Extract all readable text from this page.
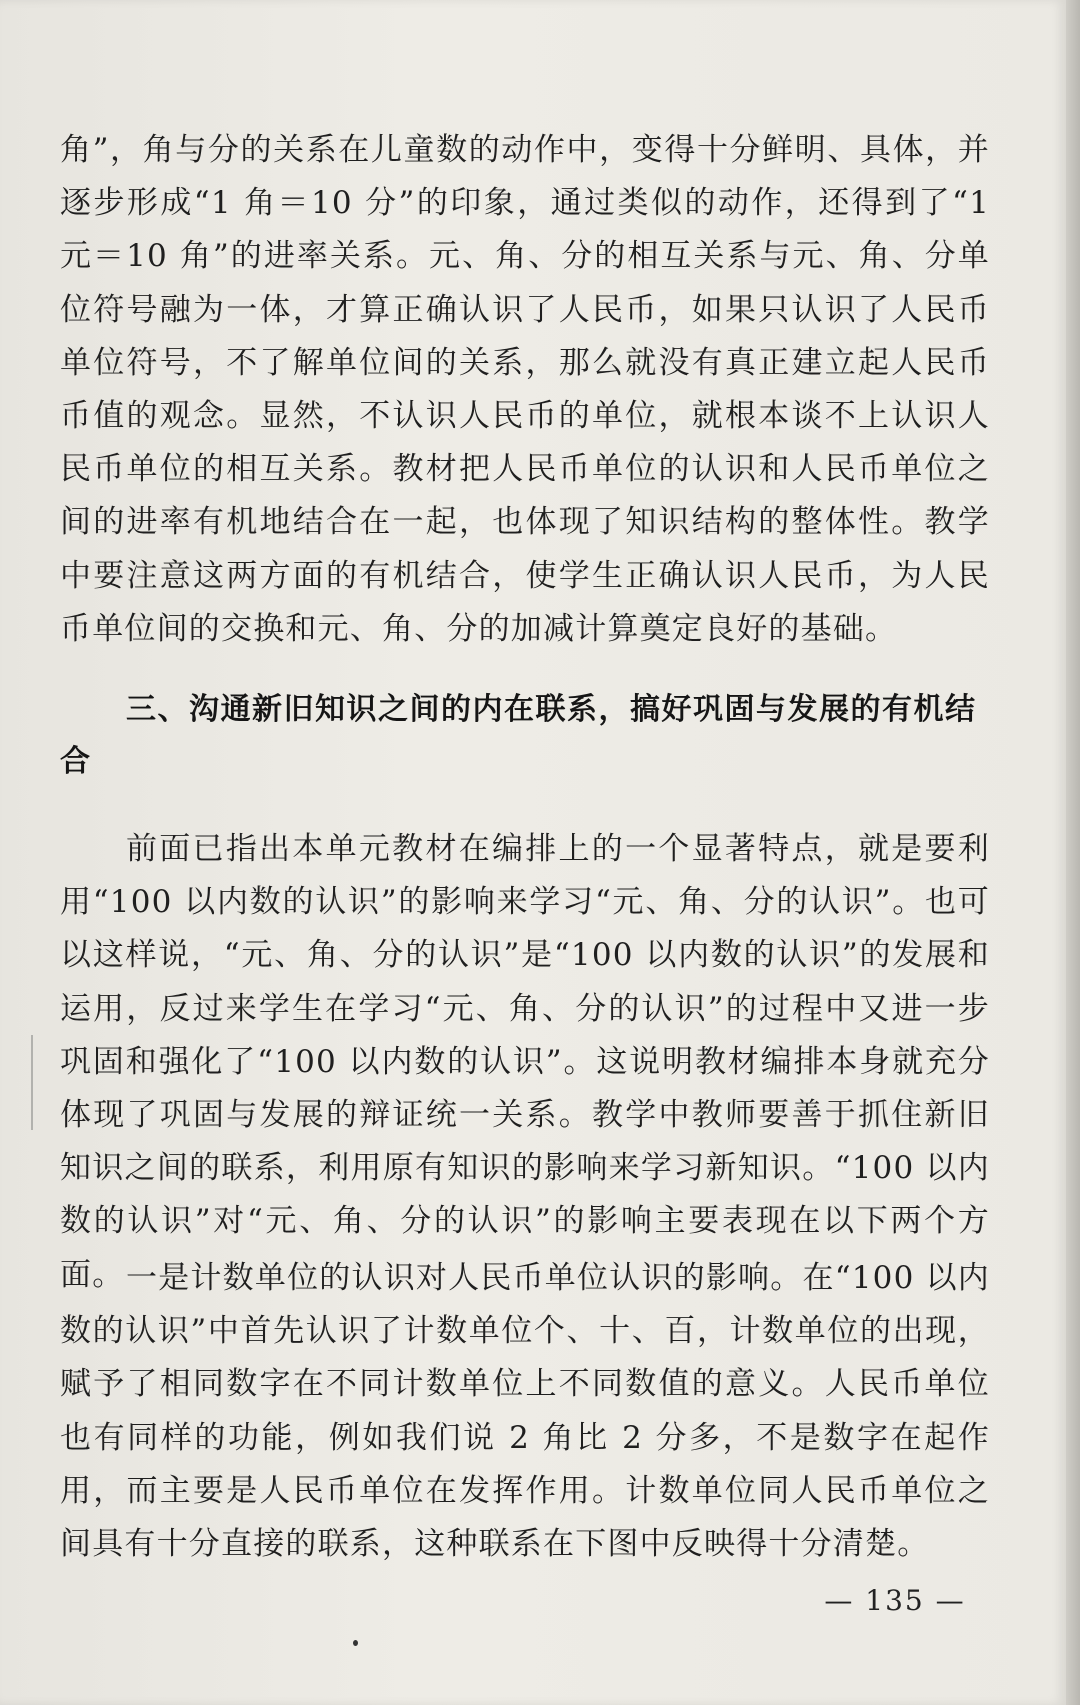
角”，角与分的关系在儿童数的动作中，变得十分鲜明、具体，并逐步形成“1 角＝10 分”的印象，通过类似的动作，还得到了“1 元＝10 角”的进率关系。元、角、分的相互关系与元、角、分单位符号融为一体，才算正确认识了人民币，如果只认识了人民币单位符号，不了解单位间的关系，那么就没有真正建立起人民币币值的观念。显然，不认识人民币的单位，就根本谈不上认识人民币单位的相互关系。教材把人民币单位的认识和人民币单位之间的进率有机地结合在一起，也体现了知识结构的整体性。教学中要注意这两方面的有机结合，使学生正确认识人民币，为人民币单位间的交换和元、角、分的加减计算奠定良好的基础。

三、沟通新旧知识之间的内在联系，搞好巩固与发展的有机结合

前面已指出本单元教材在编排上的一个显著特点，就是要利用“100 以内数的认识”的影响来学习“元、角、分的认识”。也可以这样说，“元、角、分的认识”是“100 以内数的认识”的发展和运用，反过来学生在学习“元、角、分的认识”的过程中又进一步巩固和强化了“100 以内数的认识”。这说明教材编排本身就充分体现了巩固与发展的辩证统一关系。教学中教师要善于抓住新旧知识之间的联系，利用原有知识的影响来学习新知识。“100 以内数的认识”对“元、角、分的认识”的影响主要表现在以下两个方面。 一是计数单位的认识对人民币单位认识的影响。在“100 以内数的认识”中首先认识了计数单位个、十、百，计数单位的出现，赋予了相同数字在不同计数单位上不同数值的意义。人民币单位也有同样的功能，例如我们说 2 角比 2 分多，不是数字在起作用，而主要是人民币单位在发挥作用。计数单位同人民币单位之间具有十分直接的联系，这种联系在下图中反映得十分清楚。

— 135 —
